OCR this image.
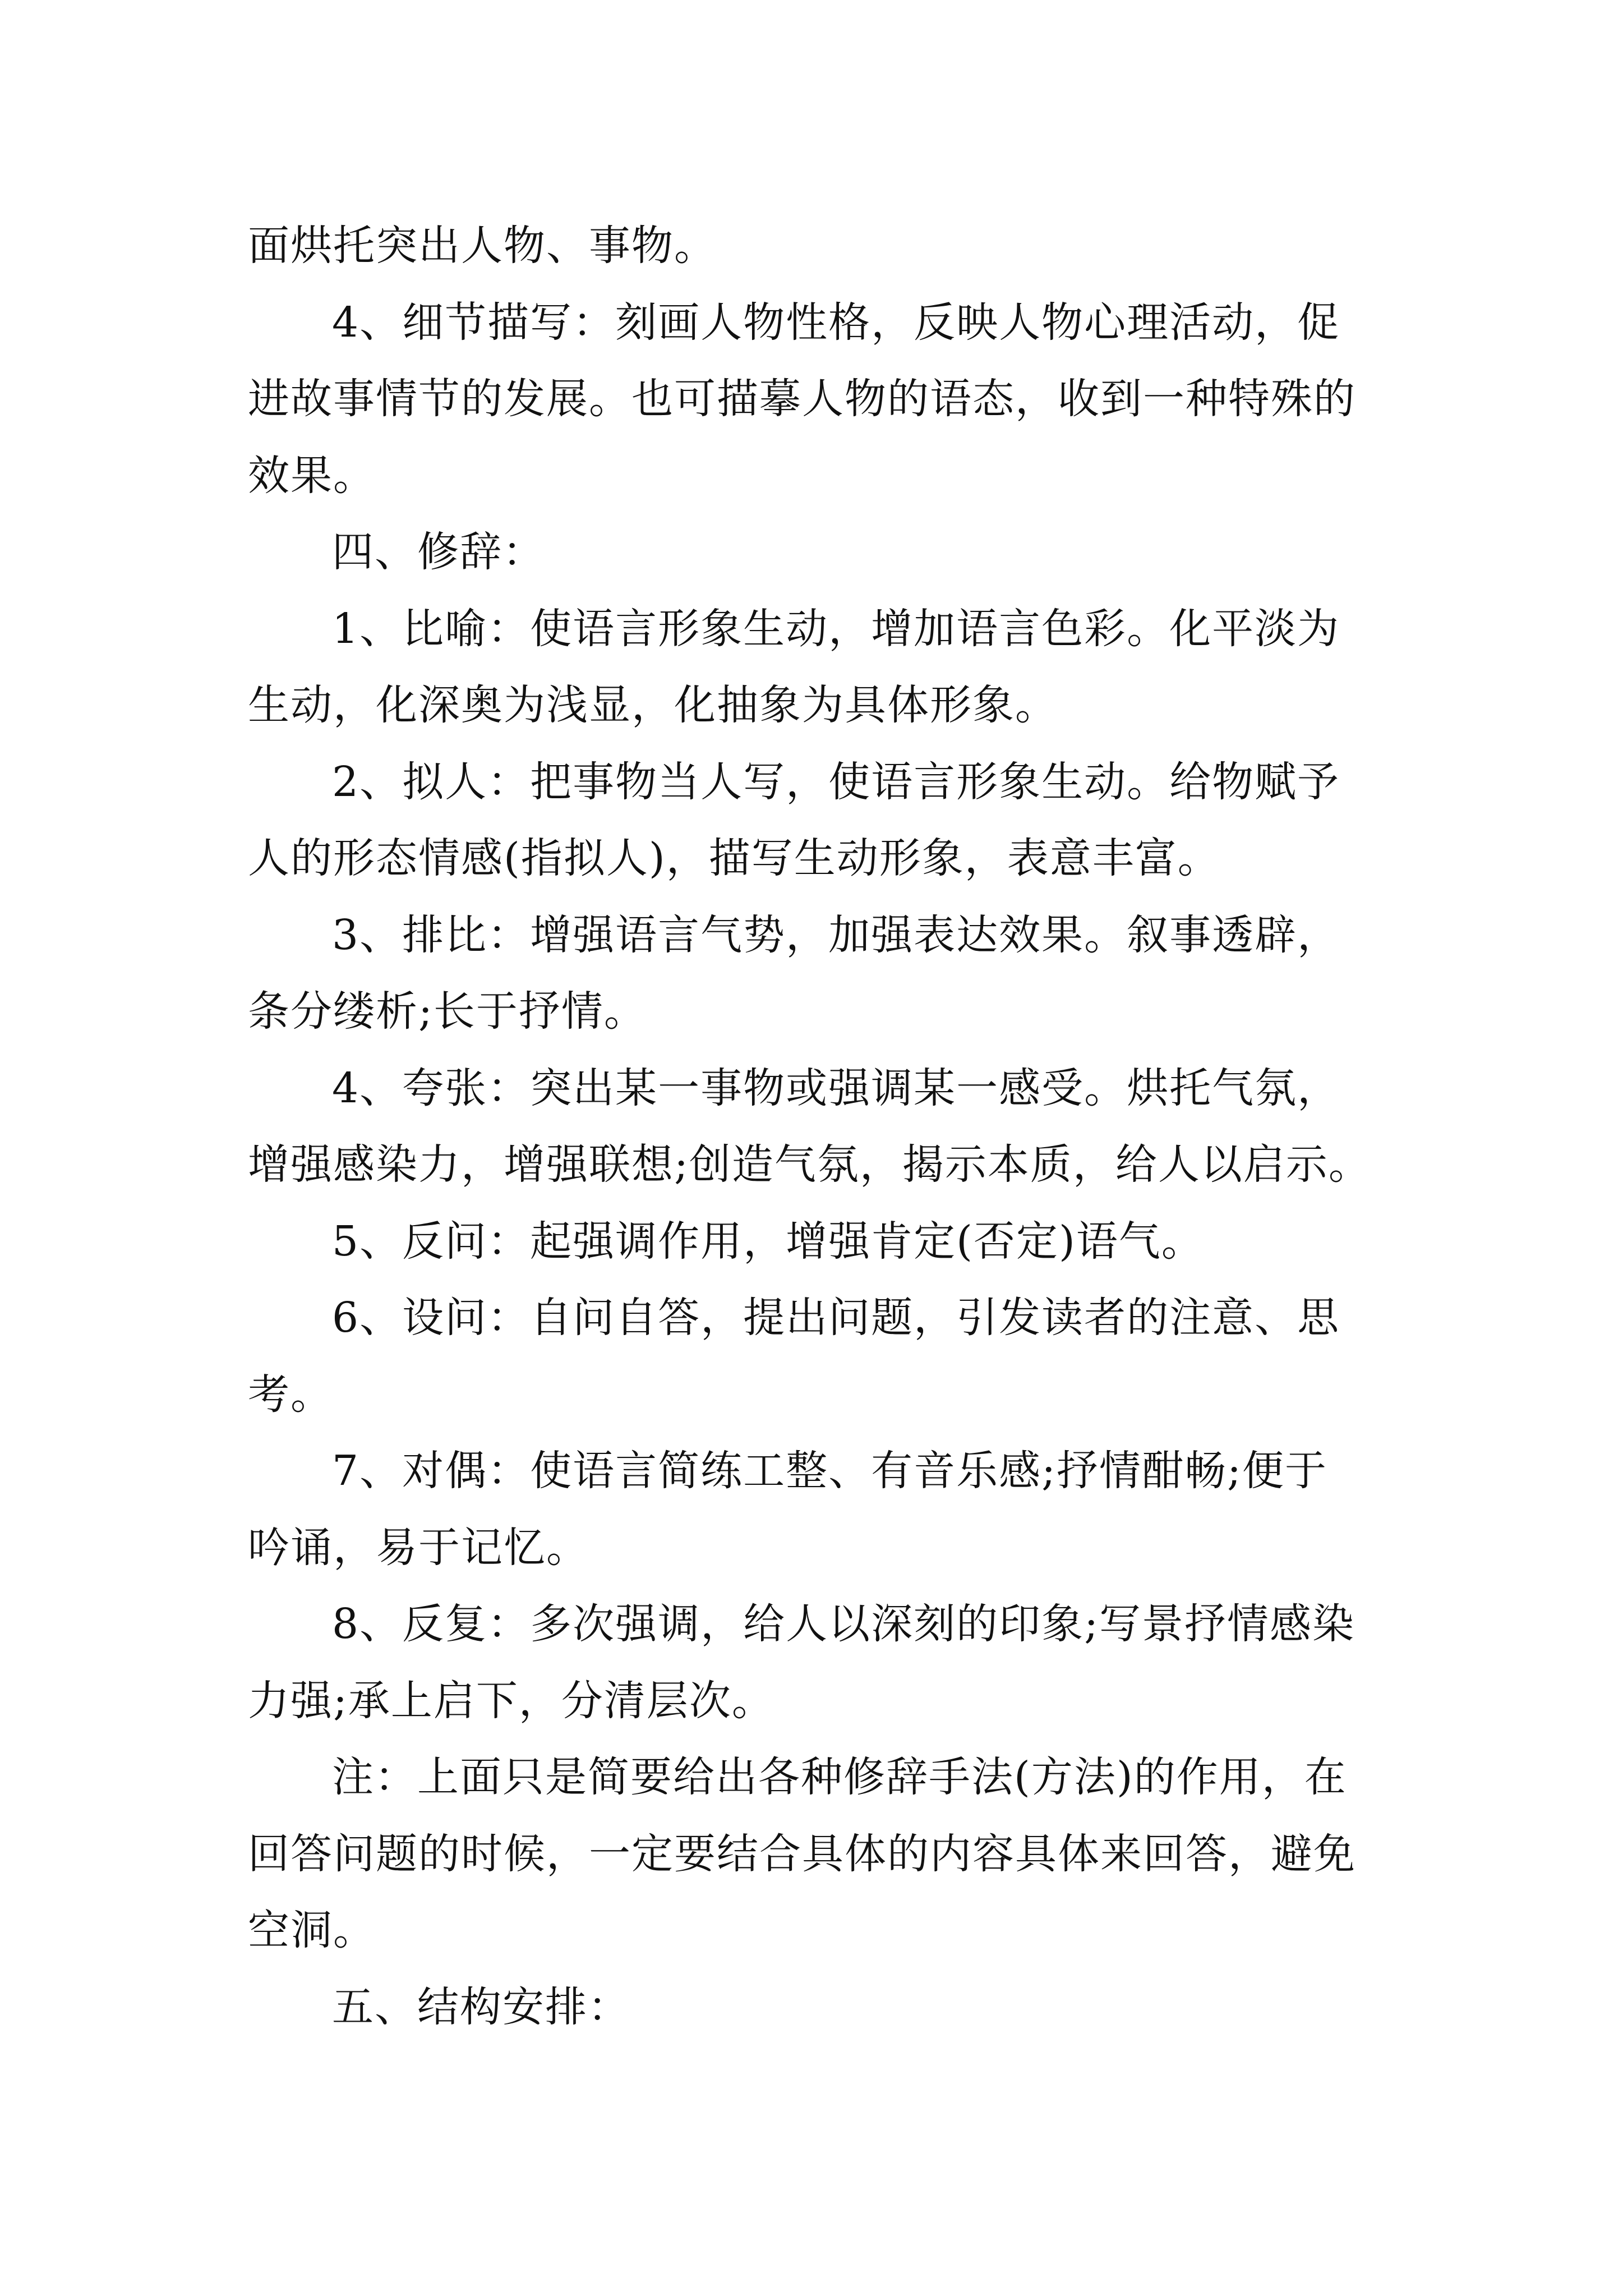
面烘托突出人物、事物。
4、细节描写：刻画人物性格，反映人物心理活动，促
进故事情节的发展。也可描摹人物的语态，收到一种特殊的
效果。
四、修辞：
1、比喻：使语言形象生动，增加语言色彩。化平淡为
生动，化深奥为浅显，化抽象为具体形象。
2、拟人：把事物当人写，使语言形象生动。给物赋予
人的形态情感(指拟人)，描写生动形象，表意丰富。
3、排比：增强语言气势，加强表达效果。叙事透辟，
条分缕析;长于抒情。
4、夸张：突出某一事物或强调某一感受。烘托气氛，
增强感染力，增强联想;创造气氛，揭示本质，给人以启示。
5、反问：起强调作用，增强肯定(否定)语气。
6、设问：自问自答，提出问题，引发读者的注意、思
考。
7、对偶：使语言简练工整、有音乐感;抒情酣畅;便于
吟诵，易于记忆。
8、反复：多次强调，给人以深刻的印象;写景抒情感染
力强;承上启下，分清层次。
注：上面只是简要给出各种修辞手法(方法)的作用，在
回答问题的时候，一定要结合具体的内容具体来回答，避免
空洞。
五、结构安排：
